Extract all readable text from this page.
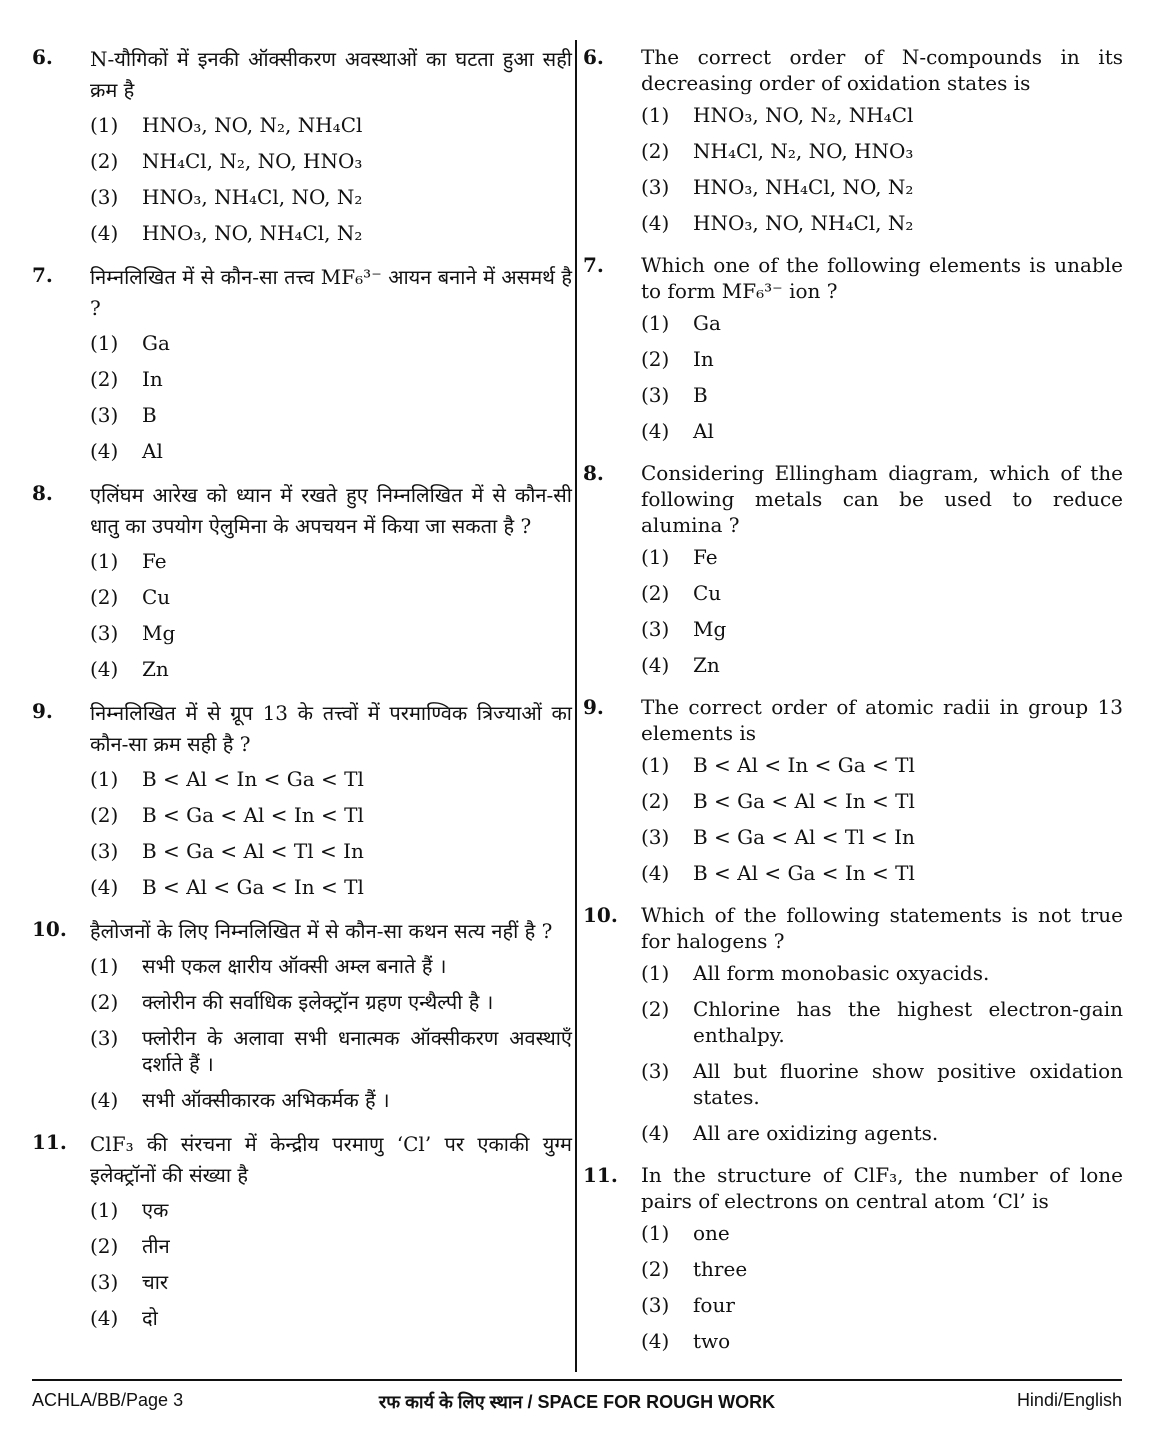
6. N-यौगिकों में इनकी ऑक्सीकरण अवस्थाओं का घटता हुआ सही क्रम है
(1)	HNO₃, NO, N₂, NH₄Cl
(2)	NH₄Cl, N₂, NO, HNO₃
(3)	HNO₃, NH₄Cl, NO, N₂
(4)	HNO₃, NO, NH₄Cl, N₂
7. निम्नलिखित में से कौन-सा तत्त्व MF₆³⁻ आयन बनाने में असमर्थ है ?
(1)	Ga
(2)	In
(3)	B
(4)	Al
8. एलिंघम आरेख को ध्यान में रखते हुए निम्नलिखित में से कौन-सी धातु का उपयोग ऐलुमिना के अपचयन में किया जा सकता है ?
(1)	Fe
(2)	Cu
(3)	Mg
(4)	Zn
9. निम्नलिखित में से ग्रूप 13 के तत्त्वों में परमाण्विक त्रिज्याओं का कौन-सा क्रम सही है ?
(1)	B < Al < In < Ga < Tl
(2)	B < Ga < Al < In < Tl
(3)	B < Ga < Al < Tl < In
(4)	B < Al < Ga < In < Tl
10. हैलोजनों के लिए निम्नलिखित में से कौन-सा कथन सत्य नहीं है ?
(1)	सभी एकल क्षारीय ऑक्सी अम्ल बनाते हैं ।
(2)	क्लोरीन की सर्वाधिक इलेक्ट्रॉन ग्रहण एन्थैल्पी है ।
(3)	फ्लोरीन के अलावा सभी धनात्मक ऑक्सीकरण अवस्थाएँ दर्शाते हैं ।
(4)	सभी ऑक्सीकारक अभिकर्मक हैं ।
11. ClF₃ की संरचना में केन्द्रीय परमाणु ‘Cl’ पर एकाकी युग्म इलेक्ट्रॉनों की संख्या है
(1)	एक
(2)	तीन
(3)	चार
(4)	दो
6. The correct order of N-compounds in its decreasing order of oxidation states is
(1)	HNO₃, NO, N₂, NH₄Cl
(2)	NH₄Cl, N₂, NO, HNO₃
(3)	HNO₃, NH₄Cl, NO, N₂
(4)	HNO₃, NO, NH₄Cl, N₂
7. Which one of the following elements is unable to form MF₆³⁻ ion ?
(1)	Ga
(2)	In
(3)	B
(4)	Al
8. Considering Ellingham diagram, which of the following metals can be used to reduce alumina ?
(1)	Fe
(2)	Cu
(3)	Mg
(4)	Zn
9. The correct order of atomic radii in group 13 elements is
(1)	B < Al < In < Ga < Tl
(2)	B < Ga < Al < In < Tl
(3)	B < Ga < Al < Tl < In
(4)	B < Al < Ga < In < Tl
10. Which of the following statements is not true for halogens ?
(1)	All form monobasic oxyacids.
(2)	Chlorine has the highest electron-gain enthalpy.
(3)	All but fluorine show positive oxidation states.
(4)	All are oxidizing agents.
11. In the structure of ClF₃, the number of lone pairs of electrons on central atom ‘Cl’ is
(1)	one
(2)	three
(3)	four
(4)	two
ACHLA/BB/Page 3	रफ कार्य के लिए स्थान / SPACE FOR ROUGH WORK	Hindi/English
